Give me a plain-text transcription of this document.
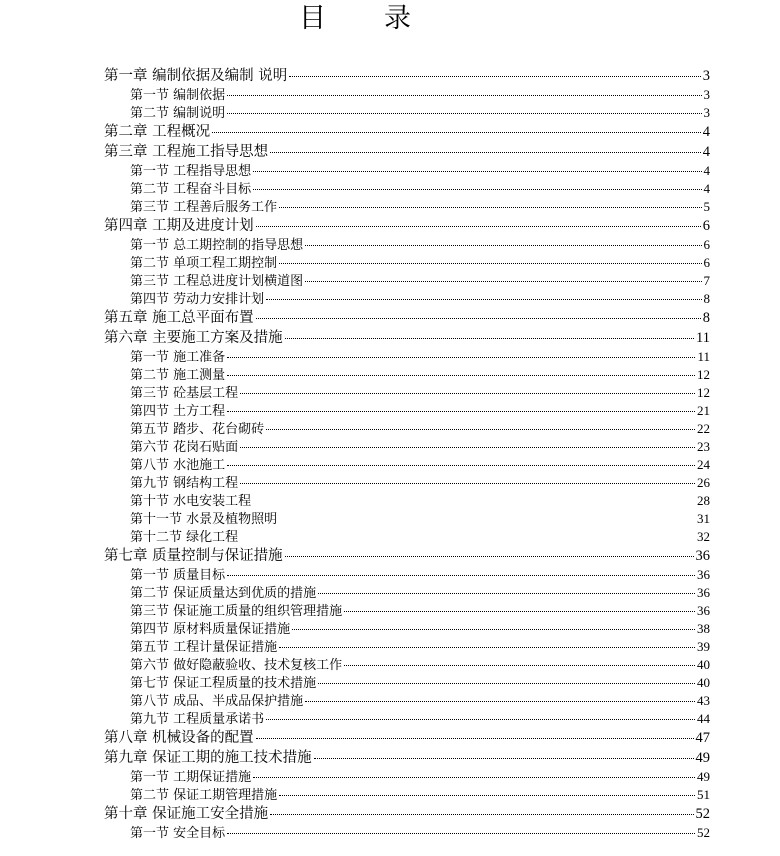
目 录
第一章 编制依据及编制 说明	3
第一节 编制依据	3
第二节 编制说明	3
第二章 工程概况	4
第三章 工程施工指导思想	4
第一节 工程指导思想	4
第二节 工程奋斗目标	4
第三节 工程善后服务工作	5
第四章 工期及进度计划	6
第一节 总工期控制的指导思想	6
第二节 单项工程工期控制	6
第三节 工程总进度计划横道图	7
第四节 劳动力安排计划	8
第五章 施工总平面布置	8
第六章 主要施工方案及措施	11
第一节 施工准备	11
第二节 施工测量	12
第三节 砼基层工程	12
第四节 土方工程	21
第五节 踏步、花台砌砖	22
第六节 花岗石贴面	23
第八节 水池施工	24
第九节 钢结构工程	26
第十节 水电安装工程	28
第十一节 水景及植物照明	31
第十二节 绿化工程	32
第七章 质量控制与保证措施	36
第一节 质量目标	36
第二节 保证质量达到优质的措施	36
第三节 保证施工质量的组织管理措施	36
第四节 原材料质量保证措施	38
第五节 工程计量保证措施	39
第六节 做好隐蔽验收、技术复核工作	40
第七节 保证工程质量的技术措施	40
第八节 成品、半成品保护措施	43
第九节 工程质量承诺书	44
第八章 机械设备的配置	47
第九章 保证工期的施工技术措施	49
第一节 工期保证措施	49
第二节 保证工期管理措施	51
第十章 保证施工安全措施	52
第一节 安全目标	52
